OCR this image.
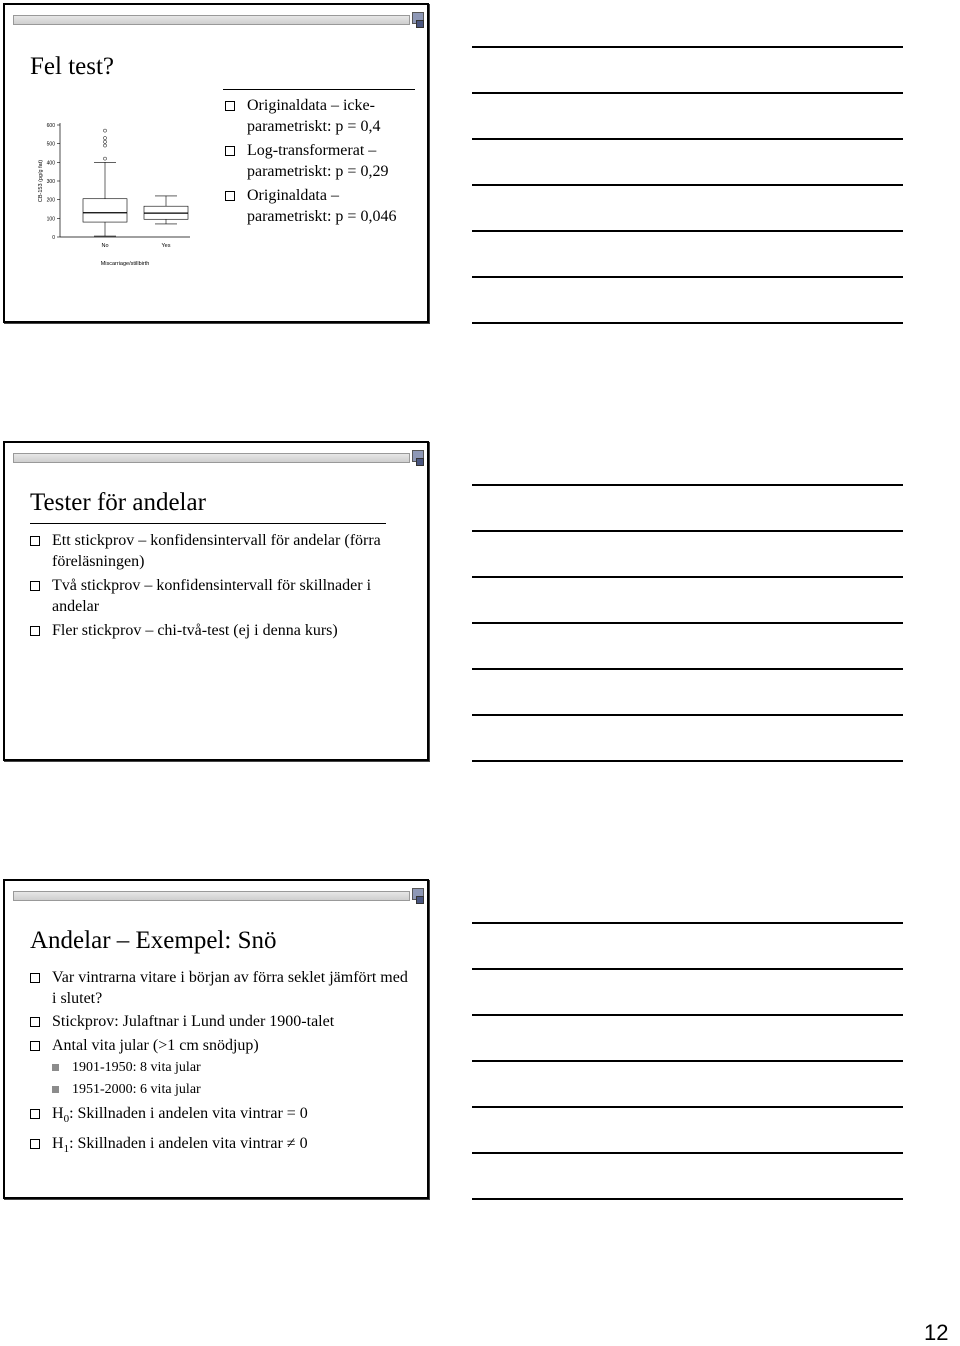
Fel test?
0
100
200
300
400
500
600
CB-153 (pg/g fat)
Miscarriage/stillbirth
No	Yes
Originaldata – icke-parametriskt: p = 0,4
Log-transformerat – parametriskt: p = 0,29
Originaldata – parametriskt: p = 0,046
Tester för andelar
Ett stickprov – konfidensintervall för andelar (förra föreläsningen)
Två stickprov – konfidensintervall för skillnader i andelar
Fler stickprov – chi-två-test (ej i denna kurs)
Andelar – Exempel: Snö
Var vintrarna vitare i början av förra seklet jämfört med i slutet?
Stickprov: Julaftnar i Lund under 1900-talet
Antal vita jular (>1 cm snödjup)
1901-1950: 8 vita jular
1951-2000: 6 vita jular
$H_0$: Skillnaden i andelen vita vintrar = 0
$H_1$: Skillnaden i andelen vita vintrar ≠ 0
12
